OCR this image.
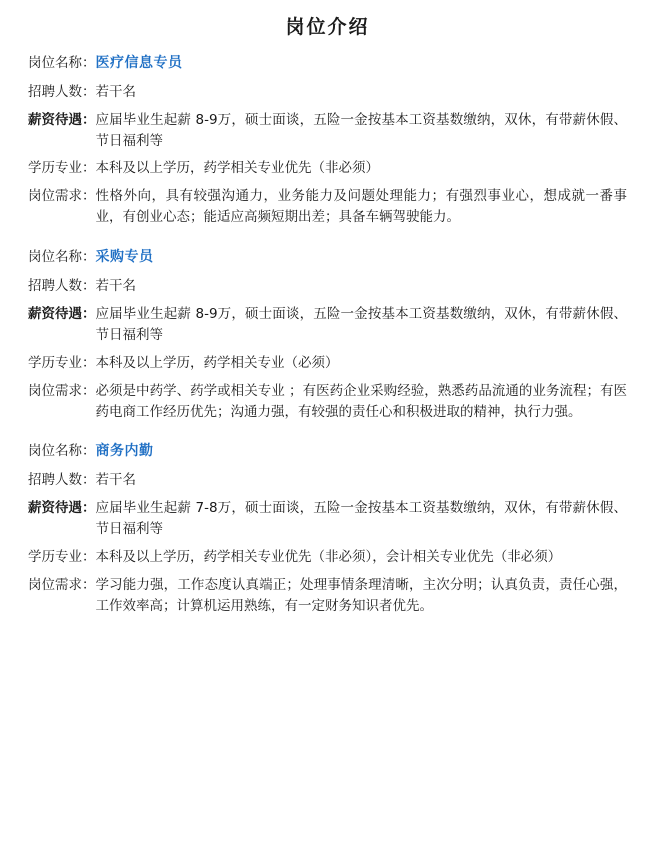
岗位介绍
岗位名称： 医疗信息专员
招聘人数： 若干名
薪资待遇： 应届毕业生起薪 8-9万，硕士面谈，五险一金按基本工资基数缴纳，双休，有带薪休假、节日福利等
学历专业： 本科及以上学历，药学相关专业优先（非必须）
岗位需求： 性格外向，具有较强沟通力，业务能力及问题处理能力；有强烈事业心，想成就一番事业，有创业心态；能适应高频短期出差；具备车辆驾驶能力。
岗位名称： 采购专员
招聘人数： 若干名
薪资待遇： 应届毕业生起薪 8-9万，硕士面谈，五险一金按基本工资基数缴纳，双休，有带薪休假、节日福利等
学历专业： 本科及以上学历，药学相关专业（必须）
岗位需求： 必须是中药学、药学或相关专业 ；有医药企业采购经验，熟悉药品流通的业务流程；有医药电商工作经历优先；沟通力强，有较强的责任心和积极进取的精神，执行力强。
岗位名称： 商务内勤
招聘人数： 若干名
薪资待遇： 应届毕业生起薪 7-8万，硕士面谈，五险一金按基本工资基数缴纳，双休，有带薪休假、节日福利等
学历专业： 本科及以上学历，药学相关专业优先（非必须），会计相关专业优先（非必须）
岗位需求： 学习能力强，工作态度认真端正；处理事情条理清晰，主次分明；认真负责，责任心强，工作效率高；计算机运用熟练，有一定财务知识者优先。
